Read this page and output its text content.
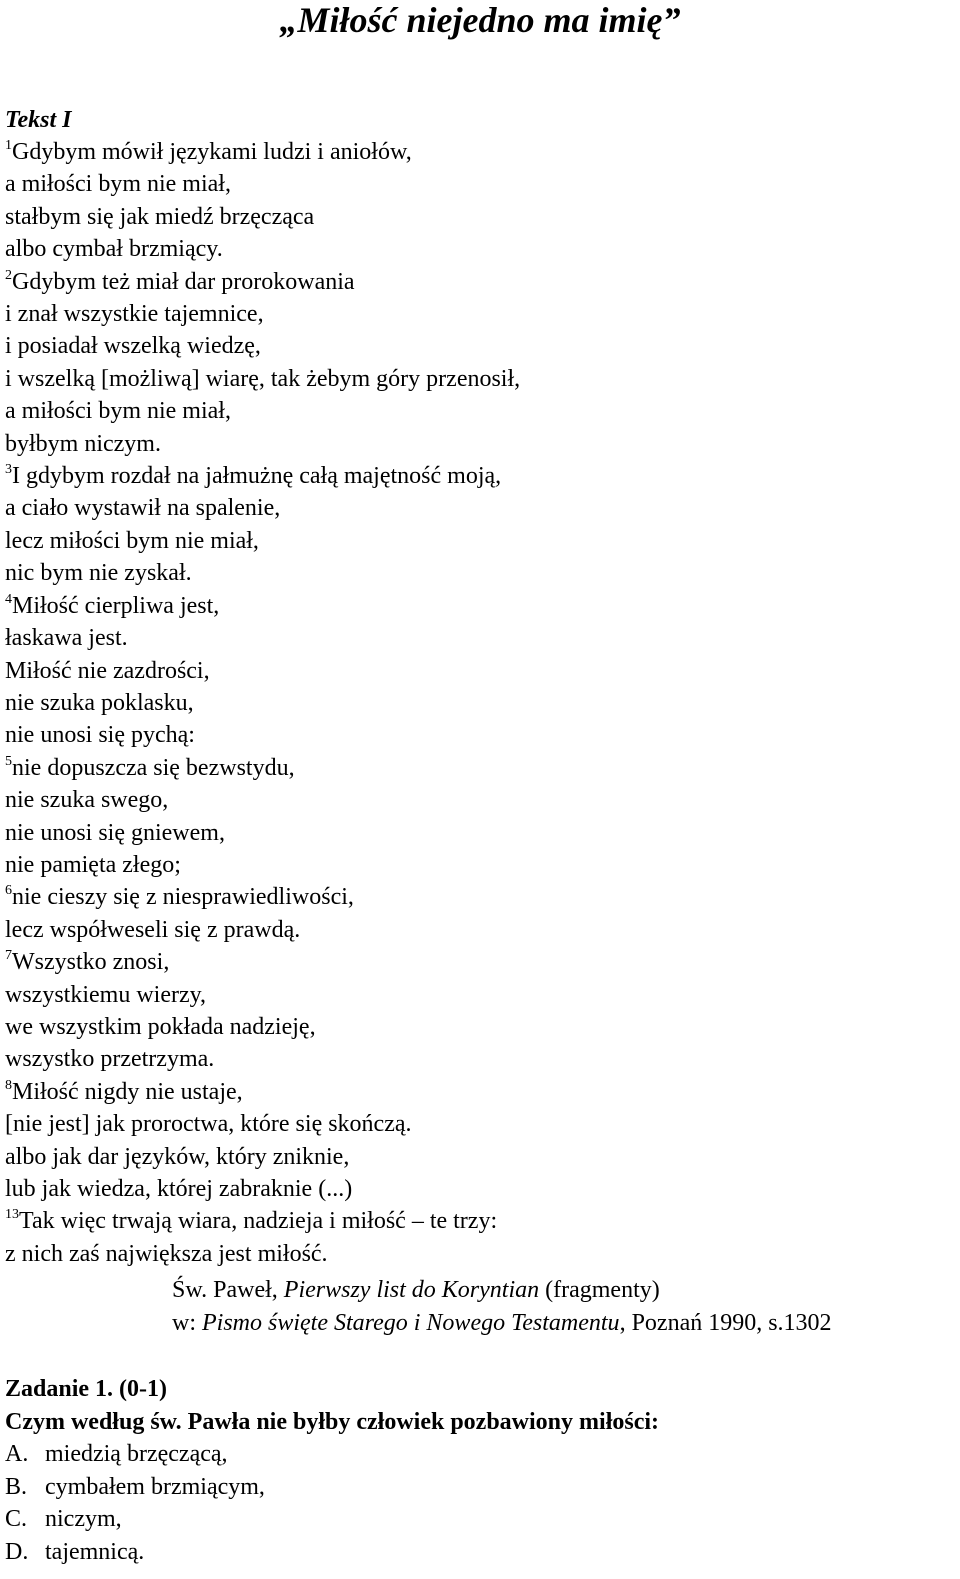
„Miłość niejedno ma imię”
Tekst I
$^1$Gdybym mówił językami ludzi i aniołów,
a miłości bym nie miał,
stałbym się jak miedź brzęcząca
albo cymbał brzmiący.
$^2$Gdybym też miał dar prorokowania
i znał wszystkie tajemnice,
i posiadał wszelką wiedzę,
i wszelką [możliwą] wiarę, tak żebym góry przenosił,
a miłości bym nie miał,
byłbym niczym.
$^3$I gdybym rozdał na jałmużnę całą majętność moją,
a ciało wystawił na spalenie,
lecz miłości bym nie miał,
nic bym nie zyskał.
$^4$Miłość cierpliwa jest,
łaskawa jest.
Miłość nie zazdrości,
nie szuka poklasku,
nie unosi się pychą:
$^5$nie dopuszcza się bezwstydu,
nie szuka swego,
nie unosi się gniewem,
nie pamięta złego;
$^6$nie cieszy się z niesprawiedliwości,
lecz współweseli się z prawdą.
$^7$Wszystko znosi,
wszystkiemu wierzy,
we wszystkim pokłada nadzieję,
wszystko przetrzyma.
$^8$Miłość nigdy nie ustaje,
[nie jest] jak proroctwa, które się skończą.
albo jak dar języków, który zniknie,
lub jak wiedza, której zabraknie (...)
$^{13}$Tak więc trwają wiara, nadzieja i miłość – te trzy:
z nich zaś największa jest miłość.
Św. Paweł, Pierwszy list do Koryntian (fragmenty)
w: Pismo święte Starego i Nowego Testamentu, Poznań 1990, s.1302
Zadanie 1. (0-1)
Czym według św. Pawła nie byłby człowiek pozbawiony miłości:
A. miedzią brzęczącą,
B. cymbałem brzmiącym,
C. niczym,
D. tajemnicą.
